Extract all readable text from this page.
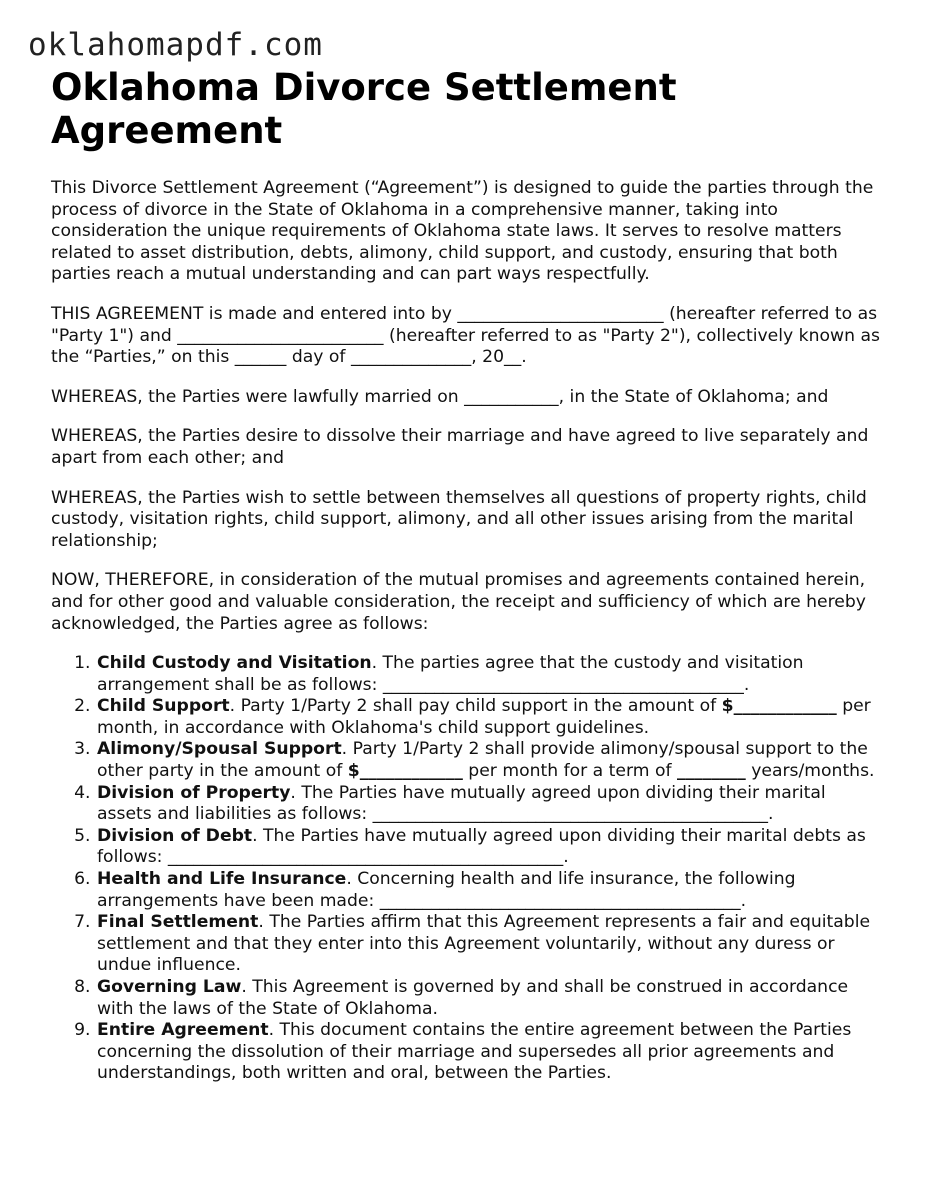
oklahomapdf.com
Oklahoma Divorce Settlement Agreement

This Divorce Settlement Agreement (“Agreement”) is designed to guide the parties through the process of divorce in the State of Oklahoma in a comprehensive manner, taking into consideration the unique requirements of Oklahoma state laws. It serves to resolve matters related to asset distribution, debts, alimony, child support, and custody, ensuring that both parties reach a mutual understanding and can part ways respectfully.

THIS AGREEMENT is made and entered into by ________________________ (hereafter referred to as "Party 1") and ________________________ (hereafter referred to as "Party 2"), collectively known as the “Parties,” on this ______ day of ______________, 20__.

WHEREAS, the Parties were lawfully married on ___________, in the State of Oklahoma; and

WHEREAS, the Parties desire to dissolve their marriage and have agreed to live separately and apart from each other; and

WHEREAS, the Parties wish to settle between themselves all questions of property rights, child custody, visitation rights, child support, alimony, and all other issues arising from the marital relationship;

NOW, THEREFORE, in consideration of the mutual promises and agreements contained herein, and for other good and valuable consideration, the receipt and sufficiency of which are hereby acknowledged, the Parties agree as follows:

1. Child Custody and Visitation. The parties agree that the custody and visitation arrangement shall be as follows: __________________________________________.
2. Child Support. Party 1/Party 2 shall pay child support in the amount of $____________ per month, in accordance with Oklahoma's child support guidelines.
3. Alimony/Spousal Support. Party 1/Party 2 shall provide alimony/spousal support to the other party in the amount of $____________ per month for a term of ________ years/months.
4. Division of Property. The Parties have mutually agreed upon dividing their marital assets and liabilities as follows: ______________________________________________.
5. Division of Debt. The Parties have mutually agreed upon dividing their marital debts as follows: ______________________________________________.
6. Health and Life Insurance. Concerning health and life insurance, the following arrangements have been made: __________________________________________.
7. Final Settlement. The Parties affirm that this Agreement represents a fair and equitable settlement and that they enter into this Agreement voluntarily, without any duress or undue influence.
8. Governing Law. This Agreement is governed by and shall be construed in accordance with the laws of the State of Oklahoma.
9. Entire Agreement. This document contains the entire agreement between the Parties concerning the dissolution of their marriage and supersedes all prior agreements and understandings, both written and oral, between the Parties.
